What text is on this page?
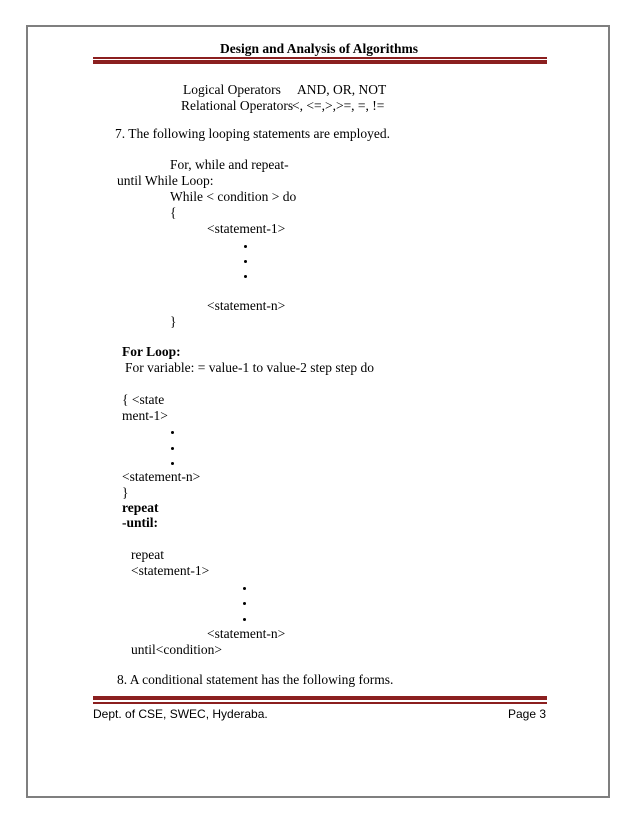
Design and Analysis of Algorithms
Logical Operators AND, OR, NOT
Relational Operators
<, <=,>,>=, =, !=
7. The following looping statements are employed.
For, while and repeat-
until While Loop:
While < condition > do
{
<statement-1>
<statement-n>
}
For Loop:
For variable: = value-1 to value-2 step step do
{ <state
ment-1>
<statement-n>
}
repeat
-until:
repeat
<statement-1>
<statement-n>
until<condition>
8. A conditional statement has the following forms.
Dept. of CSE, SWEC, Hyderaba.	Page 3
